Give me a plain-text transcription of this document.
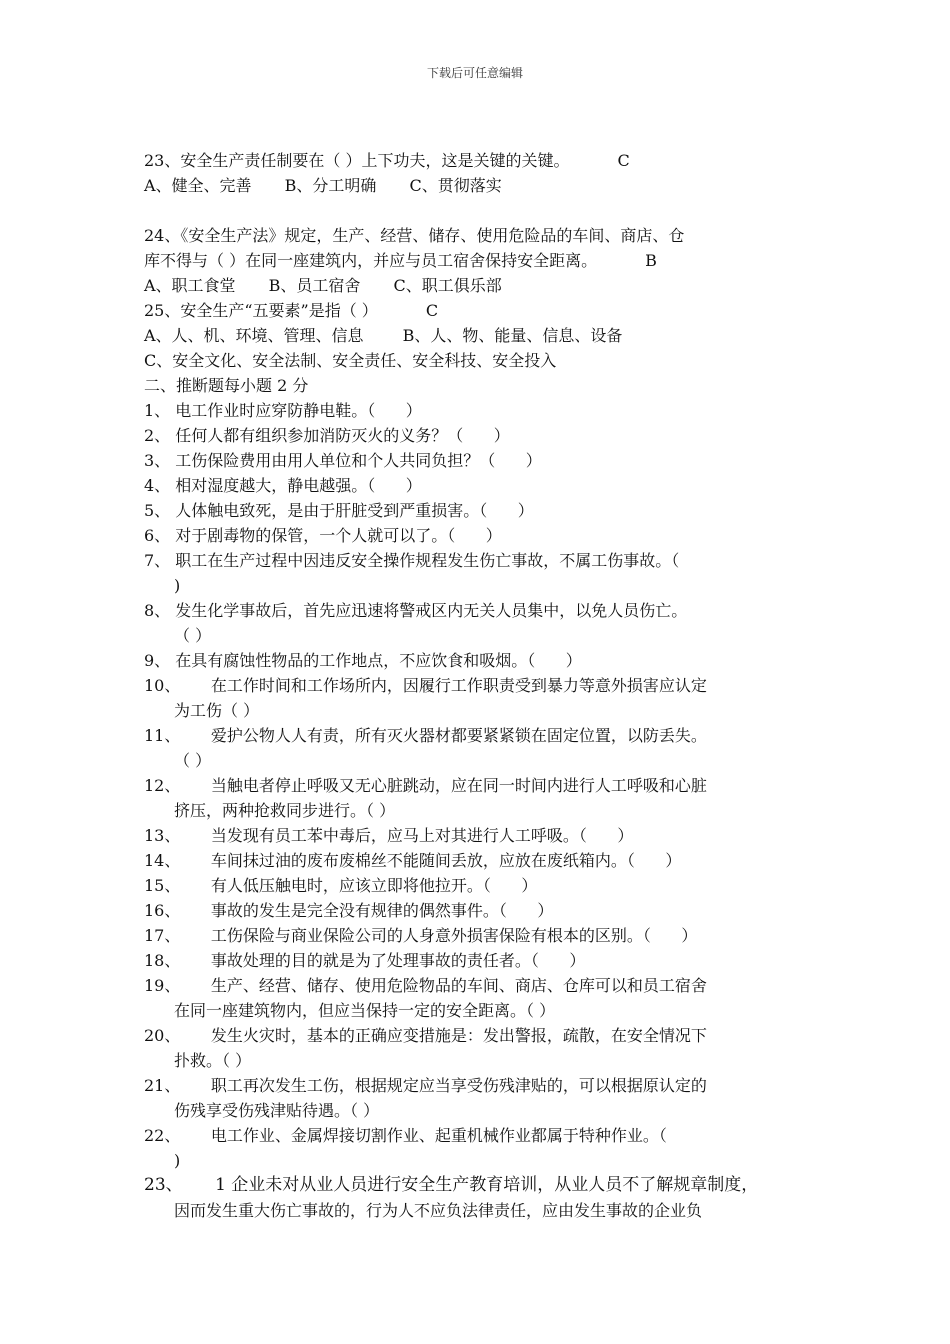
下载后可任意编辑
23、安全生产责任制要在（ ）上下功夫，这是关键的关键。	C
A、健全、完善 B、分工明确 C、贯彻落实
24、《安全生产法》规定，生产、经营、储存、使用危险品的车间、商店、仓
库不得与（ ）在同一座建筑内，并应与员工宿舍保持安全距离。	B
A、职工食堂 B、员工宿舍 C、职工俱乐部
25、安全生产“五要素”是指（ ）	C
A、人、机、环境、管理、信息 B、人、物、能量、信息、设备
C、安全文化、安全法制、安全责任、安全科技、安全投入
二、推断题每小题 2 分
1、 电工作业时应穿防静电鞋。（      ）
2、 任何人都有组织参加消防灭火的义务？（      ）
3、 工伤保险费用由用人单位和个人共同负担？（      ）
4、 相对湿度越大，静电越强。（      ）
5、 人体触电致死，是由于肝脏受到严重损害。（      ）
6、 对于剧毒物的保管，一个人就可以了。（      ）
7、 职工在生产过程中因违反安全操作规程发生伤亡事故，不属工伤事故。（
)
8、 发生化学事故后，首先应迅速将警戒区内无关人员集中，以免人员伤亡。
（ ）
9、 在具有腐蚀性物品的工作地点，不应饮食和吸烟。（      ）
10、      在工作时间和工作场所内，因履行工作职责受到暴力等意外损害应认定
为工伤（ ）
11、      爱护公物人人有责，所有灭火器材都要紧紧锁在固定位置，以防丢失。
（ ）
12、      当触电者停止呼吸又无心脏跳动，应在同一时间内进行人工呼吸和心脏
挤压，两种抢救同步进行。（ ）
13、      当发现有员工苯中毒后，应马上对其进行人工呼吸。（      ）
14、      车间抹过油的废布废棉丝不能随间丢放，应放在废纸箱内。（      ）
15、      有人低压触电时，应该立即将他拉开。（      ）
16、      事故的发生是完全没有规律的偶然事件。（      ）
17、      工伤保险与商业保险公司的人身意外损害保险有根本的区别。（      ）
18、      事故处理的目的就是为了处理事故的责任者。（      ）
19、      生产、经营、储存、使用危险物品的车间、商店、仓库可以和员工宿舍
在同一座建筑物内，但应当保持一定的安全距离。（ ）
20、      发生火灾时，基本的正确应变措施是：发出警报，疏散，在安全情况下
扑救。（ ）
21、      职工再次发生工伤，根据规定应当享受伤残津贴的，可以根据原认定的
伤残享受伤残津贴待遇。（ ）
22、      电工作业、金属焊接切割作业、起重机械作业都属于特种作业。（
)
23、      1 企业未对从业人员进行安全生产教育培训，从业人员不了解规章制度，
因而发生重大伤亡事故的，行为人不应负法律责任，应由发生事故的企业负
